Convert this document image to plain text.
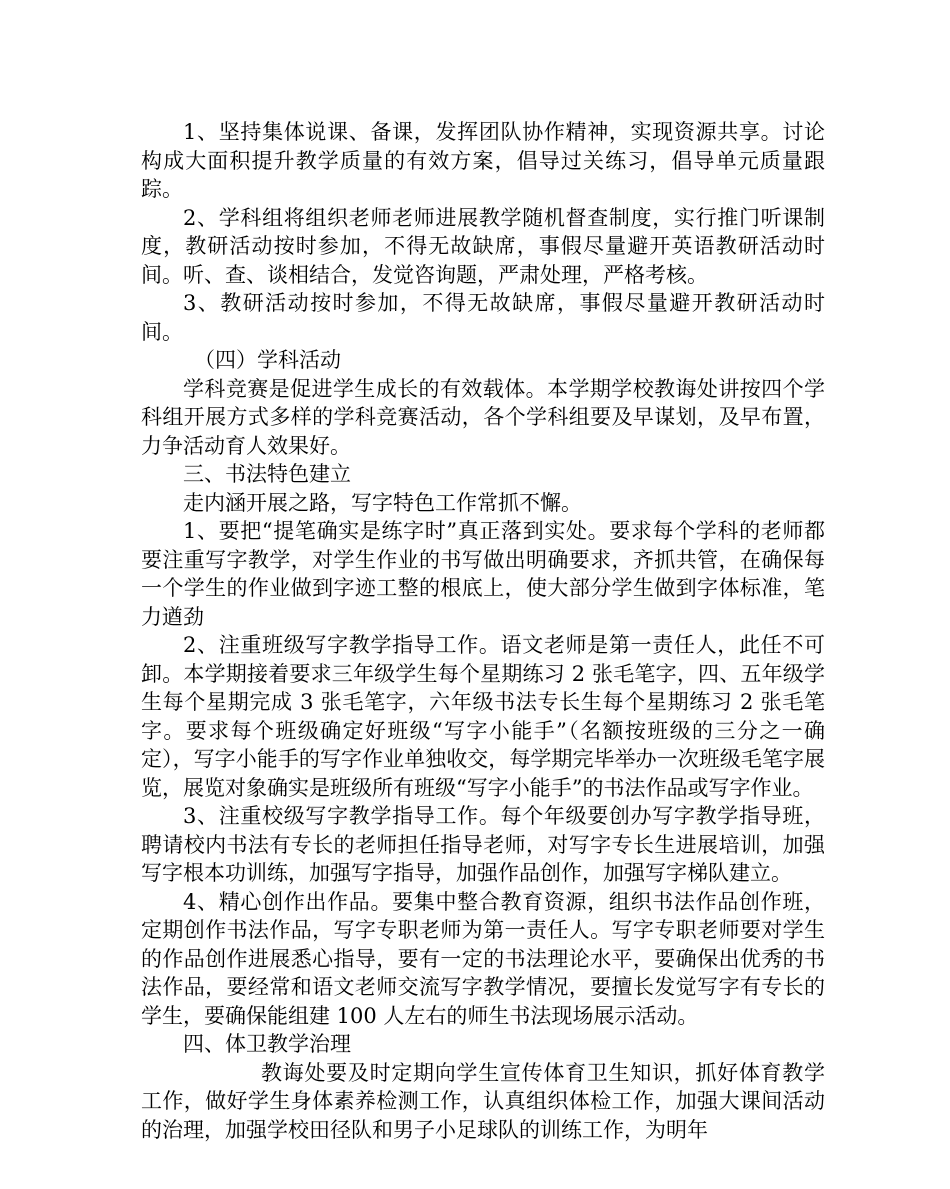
1、坚持集体说课、备课，发挥团队协作精神，实现资源共享。讨论构成大面积提升教学质量的有效方案，倡导过关练习，倡导单元质量跟踪。

2、学科组将组织老师老师进展教学随机督查制度，实行推门听课制度，教研活动按时参加，不得无故缺席，事假尽量避开英语教研活动时间。听、查、谈相结合，发觉咨询题，严肃处理，严格考核。

3、教研活动按时参加，不得无故缺席，事假尽量避开教研活动时间。

（四）学科活动

学科竞赛是促进学生成长的有效载体。本学期学校教诲处讲按四个学科组开展方式多样的学科竞赛活动，各个学科组要及早谋划，及早布置，力争活动育人效果好。

三、书法特色建立

走内涵开展之路，写字特色工作常抓不懈。

1、要把“提笔确实是练字时”真正落到实处。要求每个学科的老师都要注重写字教学，对学生作业的书写做出明确要求，齐抓共管，在确保每一个学生的作业做到字迹工整的根底上，使大部分学生做到字体标准，笔力遒劲

2、注重班级写字教学指导工作。语文老师是第一责任人，此任不可卸。本学期接着要求三年级学生每个星期练习 2 张毛笔字，四、五年级学生每个星期完成 3 张毛笔字，六年级书法专长生每个星期练习 2 张毛笔字。要求每个班级确定好班级“写字小能手”（名额按班级的三分之一确定），写字小能手的写字作业单独收交，每学期完毕举办一次班级毛笔字展览，展览对象确实是班级所有班级“写字小能手”的书法作品或写字作业。

3、注重校级写字教学指导工作。每个年级要创办写字教学指导班，聘请校内书法有专长的老师担任指导老师，对写字专长生进展培训，加强写字根本功训练，加强写字指导，加强作品创作，加强写字梯队建立。

4、精心创作出作品。要集中整合教育资源，组织书法作品创作班，定期创作书法作品，写字专职老师为第一责任人。写字专职老师要对学生的作品创作进展悉心指导，要有一定的书法理论水平，要确保出优秀的书法作品，要经常和语文老师交流写字教学情况，要擅长发觉写字有专长的学生，要确保能组建 100 人左右的师生书法现场展示活动。

四、体卫教学治理

教诲处要及时定期向学生宣传体育卫生知识，抓好体育教学工作，做好学生身体素养检测工作，认真组织体检工作，加强大课间活动的治理，加强学校田径队和男子小足球队的训练工作，为明年
